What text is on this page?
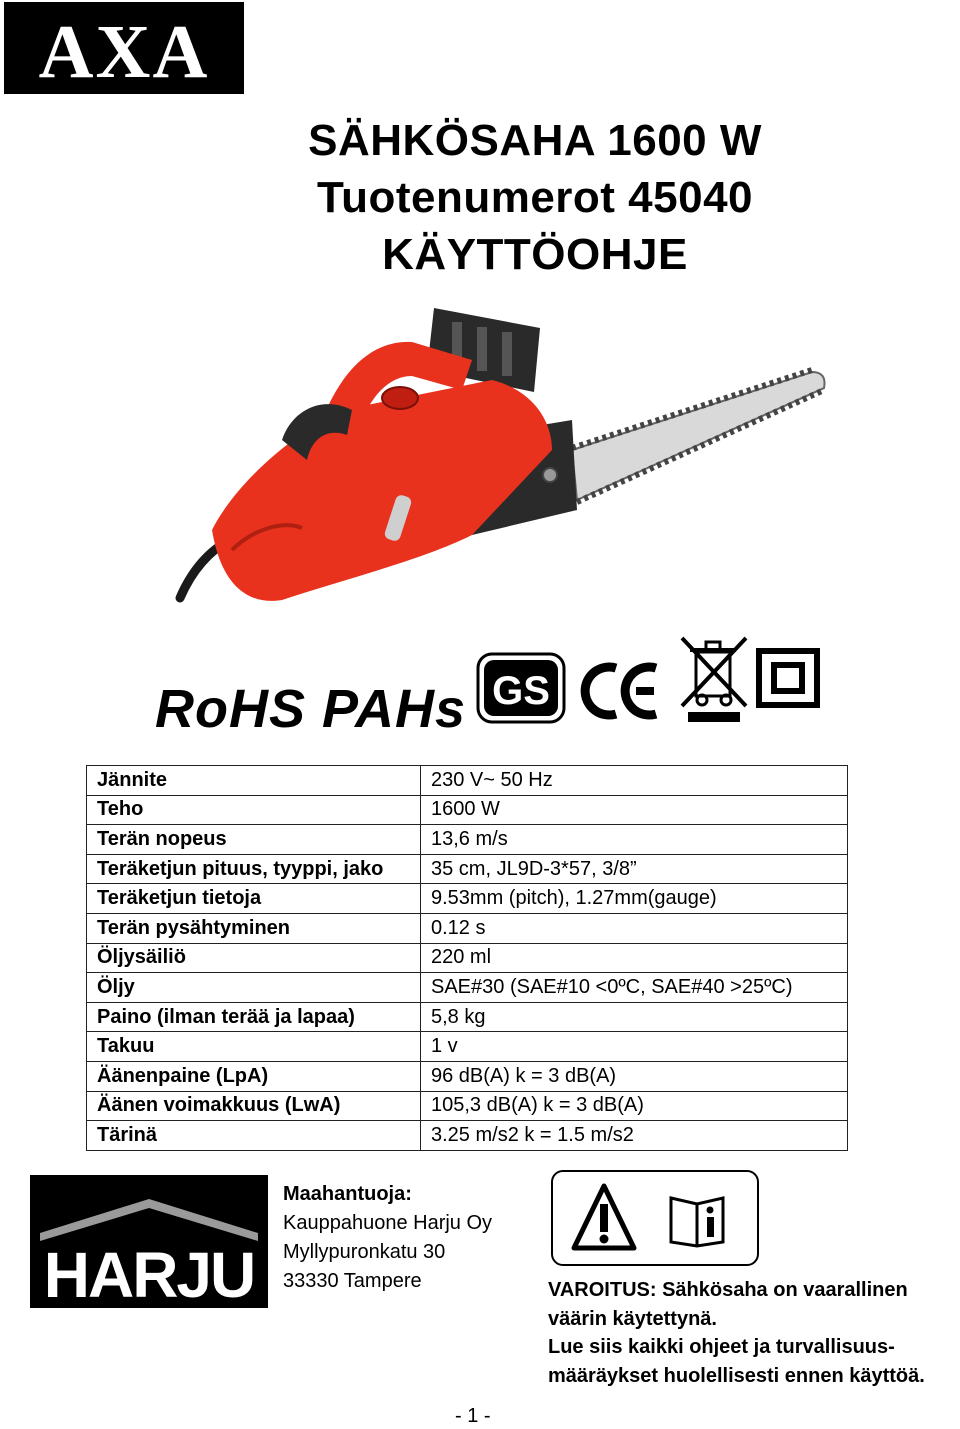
AXA
SÄHKÖSAHA 1600 W
Tuotenumerot 45040
KÄYTTÖOHJE
RoHS PAHs GS
Jännite	230 V~ 50 Hz
Teho	1600 W
Terän nopeus	13,6 m/s
Teräketjun pituus, tyyppi, jako	35 cm, JL9D-3*57, 3/8”
Teräketjun tietoja	9.53mm (pitch), 1.27mm(gauge)
Terän pysähtyminen	0.12 s
Öljysäiliö	220 ml
Öljy	SAE#30 (SAE#10 <0ºC, SAE#40 >25ºC)
Paino (ilman terää ja lapaa)	5,8 kg
Takuu	1 v
Äänenpaine (LpA)	96 dB(A) k = 3 dB(A)
Äänen voimakkuus (LwA)	105,3 dB(A) k = 3 dB(A)
Tärinä	3.25 m/s2 k = 1.5 m/s2
HARJU
Maahantuoja:
Kauppahuone Harju Oy
Myllypuronkatu 30
33330 Tampere	VAROITUS: Sähkösaha on vaarallinen
väärin käytettynä.
Lue siis kaikki ohjeet ja turvallisuus-
määräykset huolellisesti ennen käyttöä.
- 1 -
